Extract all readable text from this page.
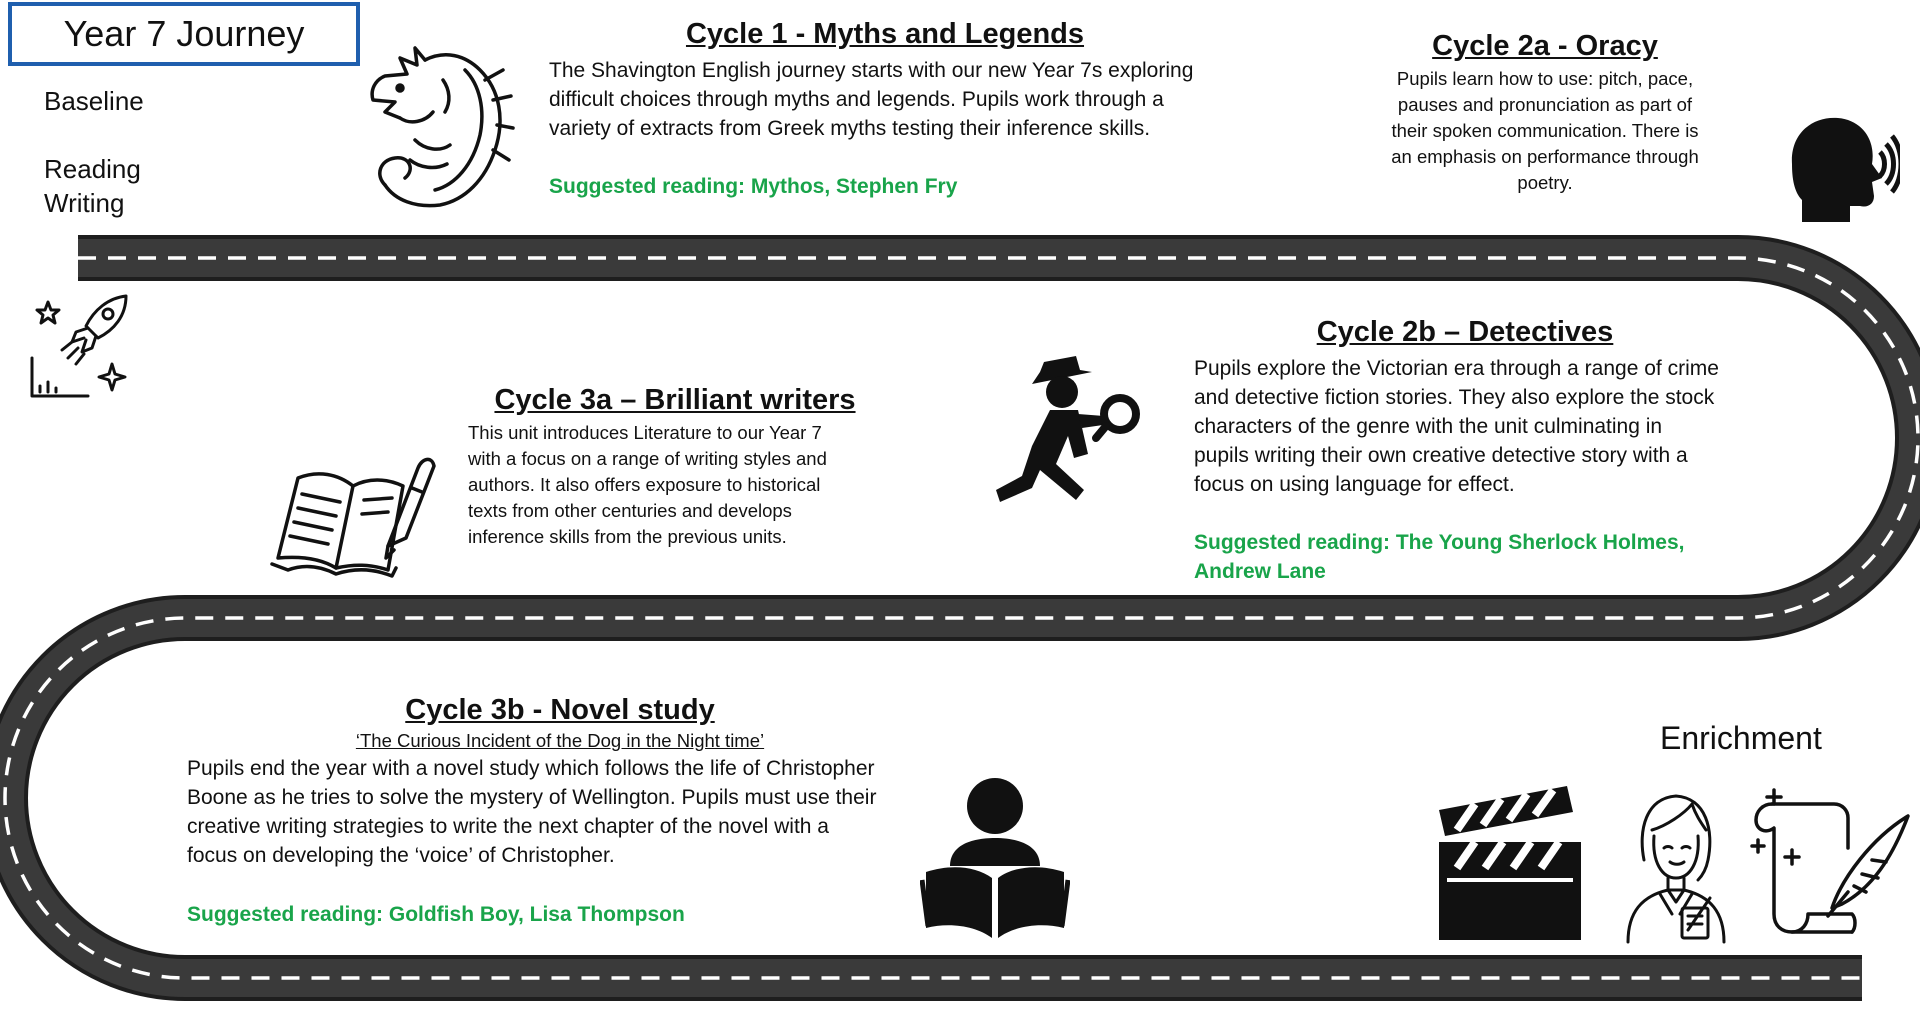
Year 7 Journey
Baseline
Reading
Writing
Cycle 1 - Myths and Legends
The Shavington English journey starts with our new Year 7s exploring
difficult choices through myths and legends. Pupils work through a
variety of extracts from Greek myths testing their inference skills.
Suggested reading: Mythos, Stephen Fry
Cycle 2a - Oracy
Pupils learn how to use: pitch, pace,
pauses and pronunciation as part of
their spoken communication. There is
an emphasis on performance through
poetry.
Cycle 2b – Detectives
Pupils explore the Victorian era through a range of crime
and detective fiction stories. They also explore the stock
characters of the genre with the unit culminating in
pupils writing their own creative detective story with a
focus on using language for effect.
Suggested reading: The Young Sherlock Holmes,
Andrew Lane
Cycle 3a – Brilliant writers
This unit introduces Literature to our Year 7
with a focus on a range of writing styles and
authors. It also offers exposure to historical
texts from other centuries and develops
inference skills from the previous units.
Cycle 3b - Novel study
‘The Curious Incident of the Dog in the Night time’
Pupils end the year with a novel study which follows the life of Christopher
Boone as he tries to solve the mystery of Wellington. Pupils must use their
creative writing strategies to write the next chapter of the novel with a
focus on developing the ‘voice’ of Christopher.
Suggested reading: Goldfish Boy, Lisa Thompson
Enrichment
